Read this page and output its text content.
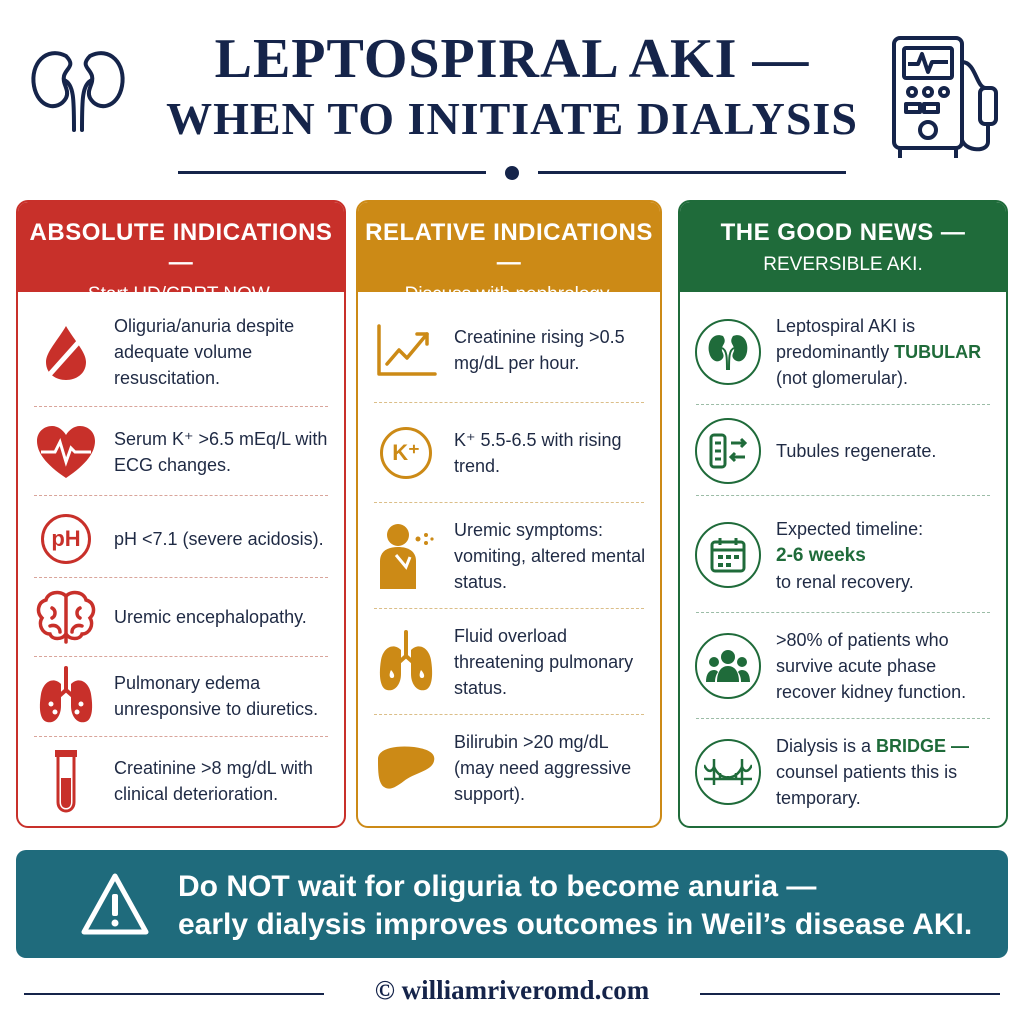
LEPTOSPIRAL AKI —
WHEN TO INITIATE DIALYSIS
ABSOLUTE INDICATIONS —
Start HD/CRRT NOW.
Oliguria/anuria despite adequate volume resuscitation.
Serum K⁺ >6.5 mEq/L with ECG changes.
pH	pH <7.1 (severe acidosis).
Uremic encephalopathy.
Pulmonary edema unresponsive to diuretics.
Creatinine >8 mg/dL with clinical deterioration.
RELATIVE INDICATIONS —
Discuss with nephrology.
Creatinine rising >0.5 mg/dL per hour.
K⁺	K⁺ 5.5-6.5 with rising trend.
Uremic symptoms: vomiting, altered mental status.
Fluid overload threatening pulmonary status.
Bilirubin >20 mg/dL (may need aggressive support).
THE GOOD NEWS —
REVERSIBLE AKI.
Leptospiral AKI is predominantly TUBULAR (not glomerular).
Tubules regenerate.
Expected timeline:
2-6 weeks
to renal recovery.
>80% of patients who survive acute phase recover kidney function.
Dialysis is a BRIDGE — counsel patients this is temporary.
Do NOT wait for oliguria to become anuria —
early dialysis improves outcomes in Weil’s disease AKI.
© williamriveromd.com
